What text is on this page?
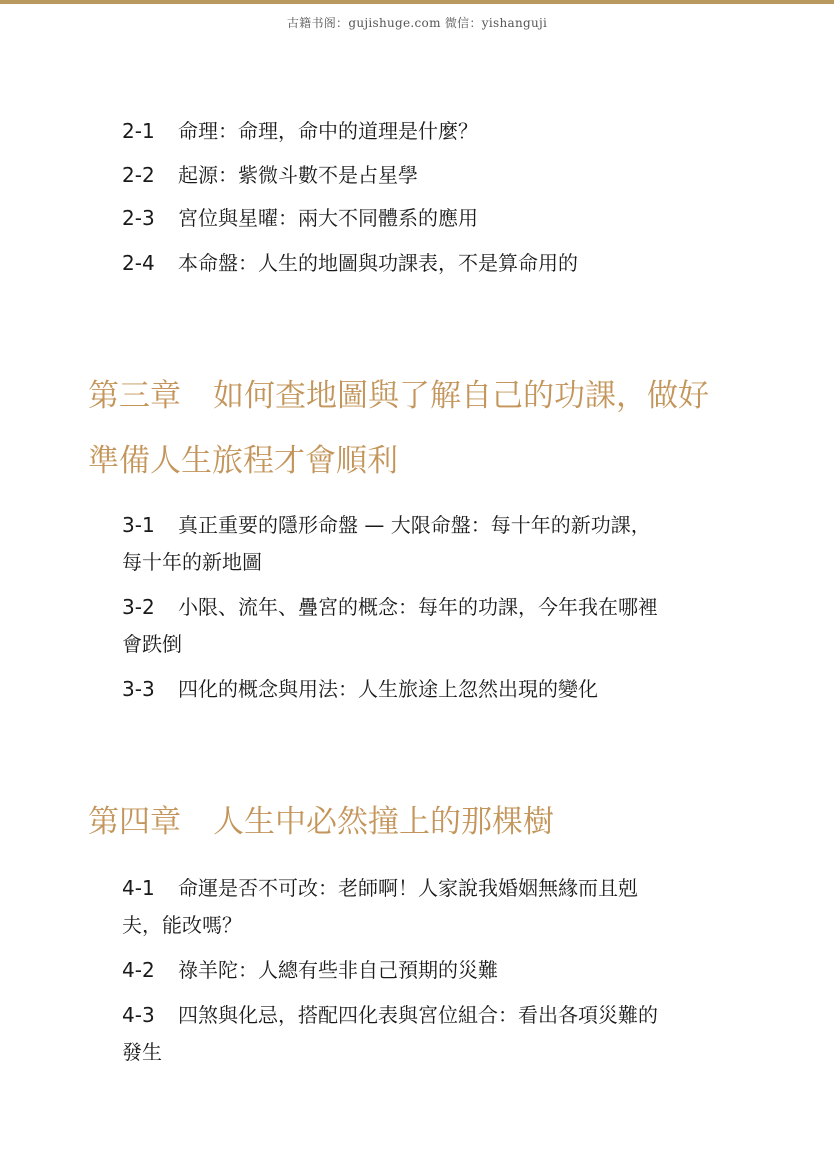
古籍书阁：gujishuge.com 微信：yishanguji
2-1 命理：命理，命中的道理是什麼？
2-2 起源：紫微斗數不是占星學
2-3 宮位與星曜：兩大不同體系的應用
2-4 本命盤：人生的地圖與功課表，不是算命用的
第三章 如何查地圖與了解自己的功課，做好
準備人生旅程才會順利
3-1 真正重要的隱形命盤 — 大限命盤：每十年的新功課，
每十年的新地圖
3-2 小限、流年、疊宮的概念：每年的功課，今年我在哪裡
會跌倒
3-3 四化的概念與用法：人生旅途上忽然出現的變化
第四章 人生中必然撞上的那棵樹
4-1 命運是否不可改：老師啊！人家說我婚姻無緣而且剋
夫，能改嗎？
4-2 祿羊陀：人總有些非自己預期的災難
4-3 四煞與化忌，搭配四化表與宮位組合：看出各項災難的
發生
